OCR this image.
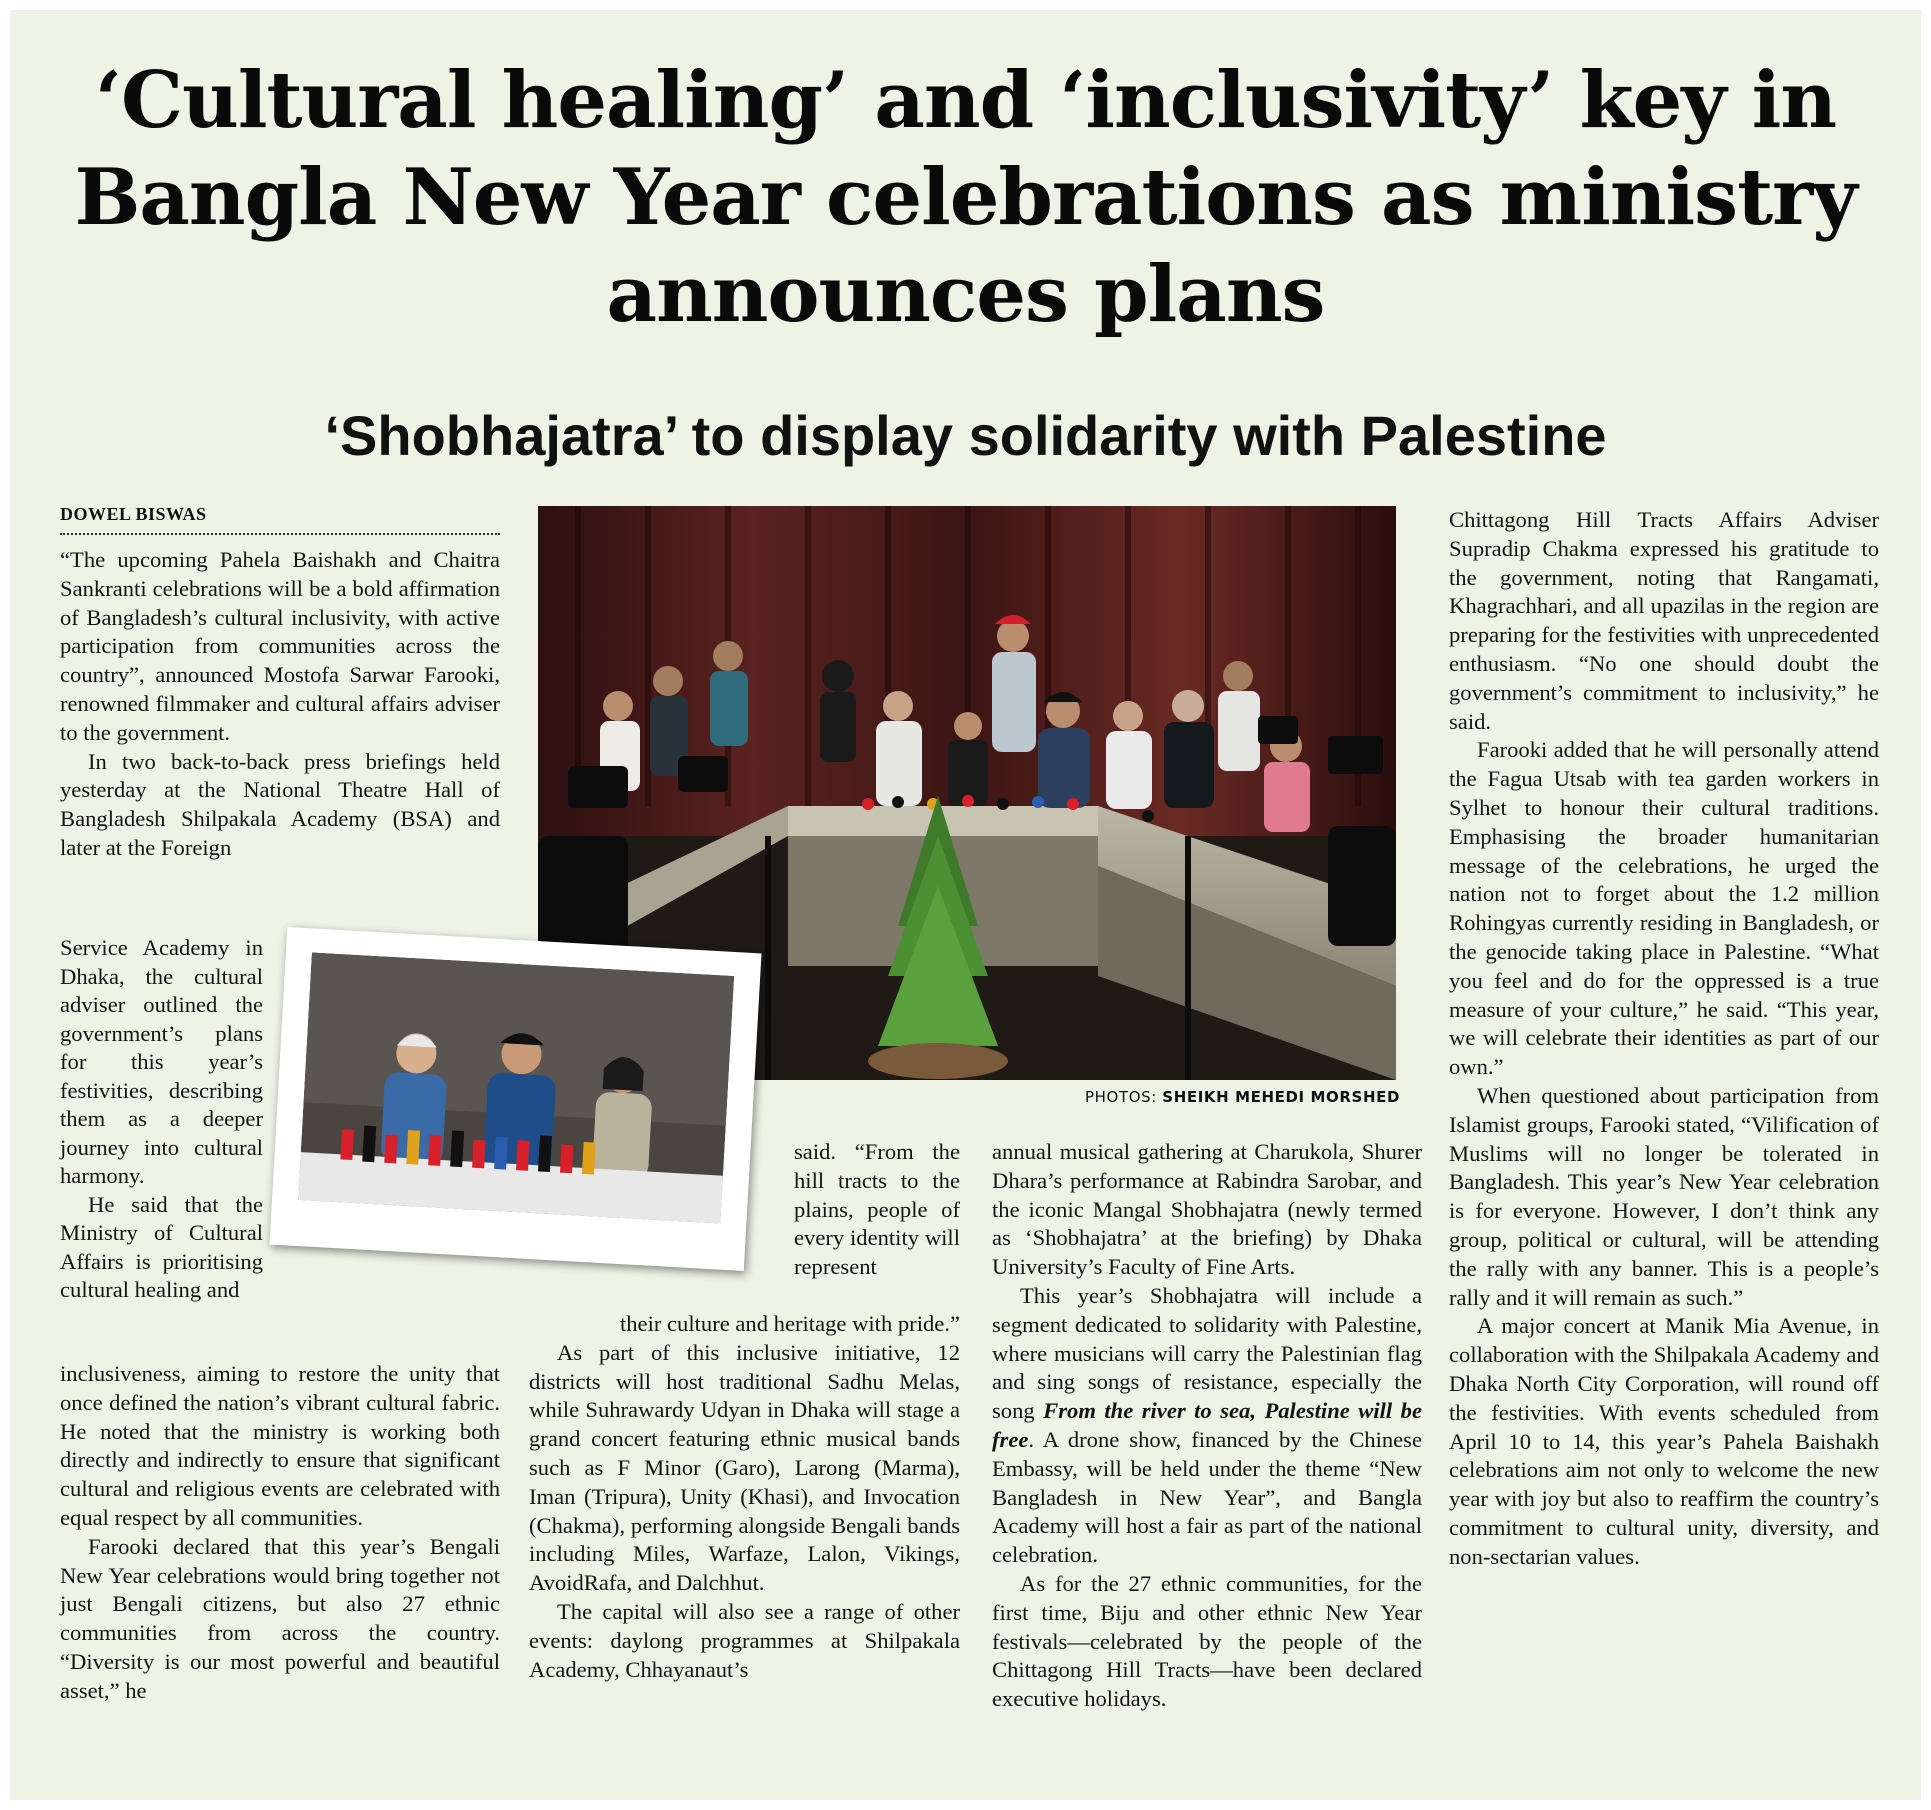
‘Cultural healing’ and ‘inclusivity’ key in Bangla New Year celebrations as ministry announces plans
‘Shobhajatra’ to display solidarity with Palestine
DOWEL BISWAS

“The upcoming Pahela Baishakh and Chaitra Sankranti celebrations will be a bold affirmation of Bangladesh’s cultural inclusivity, with active participation from communities across the country”, announced Mostofa Sarwar Farooki, renowned filmmaker and cultural affairs adviser to the government.

In two back-to-back press briefings held yesterday at the National Theatre Hall of Bangladesh Shilpakala Academy (BSA) and later at the Foreign

Service Academy in Dhaka, the cultural adviser outlined the government’s plans for this year’s festivities, describing them as a deeper journey into cultural harmony.

He said that the Ministry of Cultural Affairs is prioritising cultural healing and

inclusiveness, aiming to restore the unity that once defined the nation’s vibrant cultural fabric. He noted that the ministry is working both directly and indirectly to ensure that significant cultural and religious events are celebrated with equal respect by all communities.

Farooki declared that this year’s Bengali New Year celebrations would bring together not just Bengali citizens, but also 27 ethnic communities from across the country. “Diversity is our most powerful and beautiful asset,” he

said. “From the hill tracts to the plains, people of every identity will represent

their culture and heritage with pride.”

As part of this inclusive initiative, 12 districts will host traditional Sadhu Melas, while Suhrawardy Udyan in Dhaka will stage a grand concert featuring ethnic musical bands such as F Minor (Garo), Larong (Marma), Iman (Tripura), Unity (Khasi), and Invocation (Chakma), performing alongside Bengali bands including Miles, Warfaze, Lalon, Vikings, AvoidRafa, and Dalchhut.

The capital will also see a range of other events: daylong programmes at Shilpakala Academy, Chhayanaut’s

annual musical gathering at Charukola, Shurer Dhara’s performance at Rabindra Sarobar, and the iconic Mangal Shobhajatra (newly termed as ‘Shobhajatra’ at the briefing) by Dhaka University’s Faculty of Fine Arts.

This year’s Shobhajatra will include a segment dedicated to solidarity with Palestine, where musicians will carry the Palestinian flag and sing songs of resistance, especially the song From the river to sea, Palestine will be free. A drone show, financed by the Chinese Embassy, will be held under the theme “New Bangladesh in New Year”, and Bangla Academy will host a fair as part of the national celebration.

As for the 27 ethnic communities, for the first time, Biju and other ethnic New Year festivals—celebrated by the people of the Chittagong Hill Tracts—have been declared executive holidays.

Chittagong Hill Tracts Affairs Adviser Supradip Chakma expressed his gratitude to the government, noting that Rangamati, Khagrachhari, and all upazilas in the region are preparing for the festivities with unprecedented enthusiasm. “No one should doubt the government’s commitment to inclusivity,” he said.

Farooki added that he will personally attend the Fagua Utsab with tea garden workers in Sylhet to honour their cultural traditions. Emphasising the broader humanitarian message of the celebrations, he urged the nation not to forget about the 1.2 million Rohingyas currently residing in Bangladesh, or the genocide taking place in Palestine. “What you feel and do for the oppressed is a true measure of your culture,” he said. “This year, we will celebrate their identities as part of our own.”

When questioned about participation from Islamist groups, Farooki stated, “Vilification of Muslims will no longer be tolerated in Bangladesh. This year’s New Year celebration is for everyone. However, I don’t think any group, political or cultural, will be attending the rally with any banner. This is a people’s rally and it will remain as such.”

A major concert at Manik Mia Avenue, in collaboration with the Shilpakala Academy and Dhaka North City Corporation, will round off the festivities. With events scheduled from April 10 to 14, this year’s Pahela Baishakh celebrations aim not only to welcome the new year with joy but also to reaffirm the country’s commitment to cultural unity, diversity, and non-sectarian values.

PHOTOS: SHEIKH MEHEDI MORSHED
